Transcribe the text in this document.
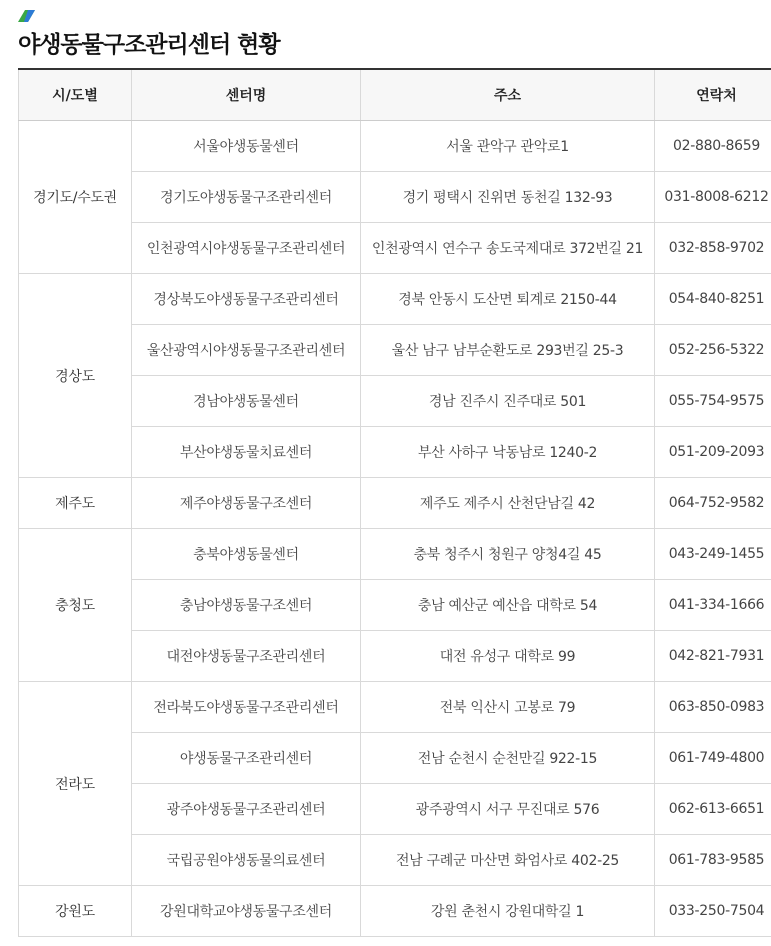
야생동물구조관리센터 현황
시/도별	센터명	주소	연락처
경기도/수도권	서울야생동물센터	서울 관악구 관악로1	02-880-8659
	경기도야생동물구조관리센터	경기 평택시 진위면 동천길 132-93	031-8008-6212
	인천광역시야생동물구조관리센터	인천광역시 연수구 송도국제대로 372번길 21	032-858-9702
경상도	경상북도야생동물구조관리센터	경북 안동시 도산면 퇴계로 2150-44	054-840-8251
	울산광역시야생동물구조관리센터	울산 남구 남부순환도로 293번길 25-3	052-256-5322
	경남야생동물센터	경남 진주시 진주대로 501	055-754-9575
	부산야생동물치료센터	부산 사하구 낙동남로 1240-2	051-209-2093
제주도	제주야생동물구조센터	제주도 제주시 산천단남길 42	064-752-9582
충청도	충북야생동물센터	충북 청주시 청원구 양청4길 45	043-249-1455
	충남야생동물구조센터	충남 예산군 예산읍 대학로 54	041-334-1666
	대전야생동물구조관리센터	대전 유성구 대학로 99	042-821-7931
전라도	전라북도야생동물구조관리센터	전북 익산시 고봉로 79	063-850-0983
	야생동물구조관리센터	전남 순천시 순천만길 922-15	061-749-4800
	광주야생동물구조관리센터	광주광역시 서구 무진대로 576	062-613-6651
	국립공원야생동물의료센터	전남 구례군 마산면 화엄사로 402-25	061-783-9585
강원도	강원대학교야생동물구조센터	강원 춘천시 강원대학길 1	033-250-7504
